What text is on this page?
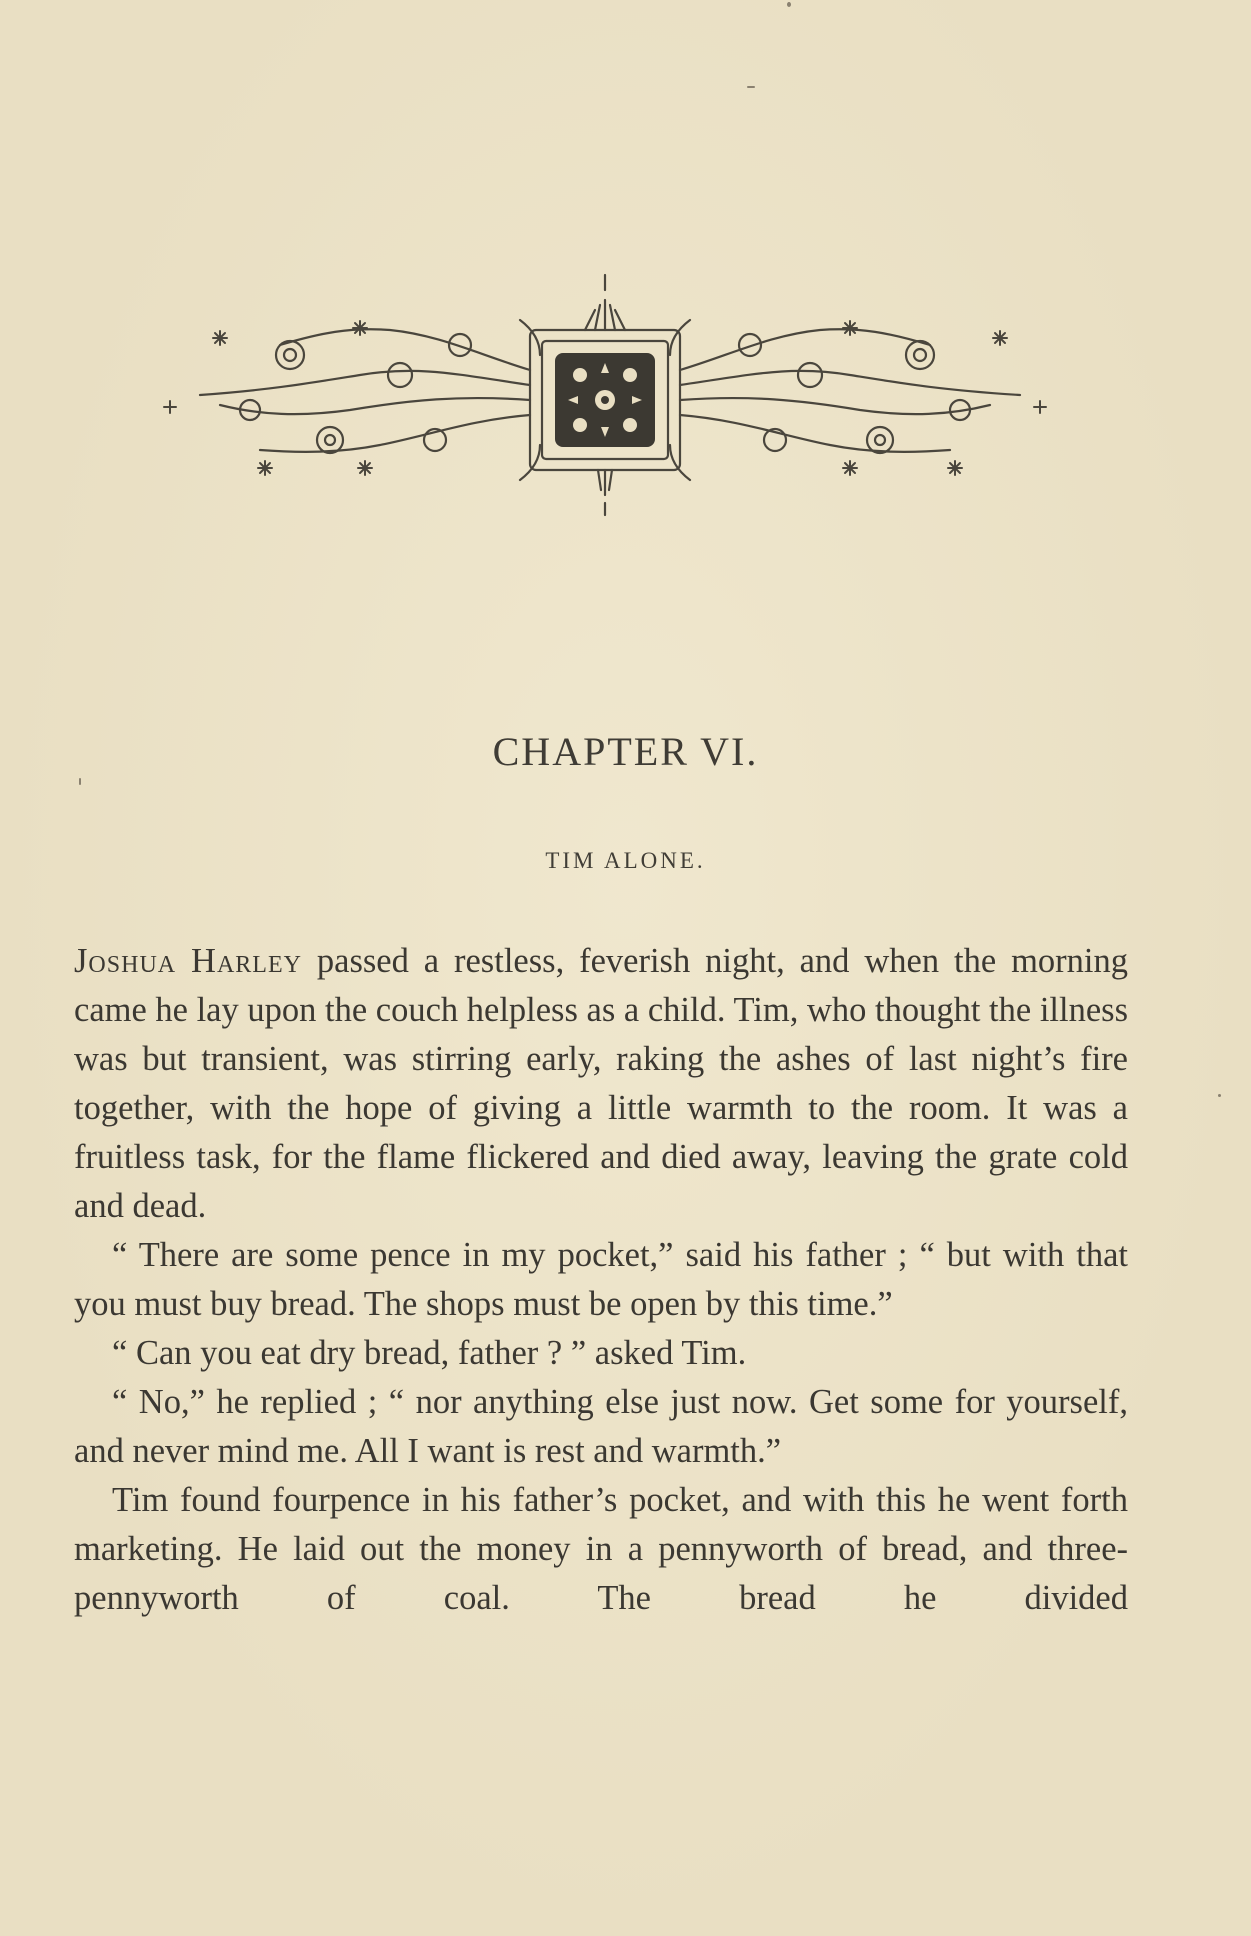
CHAPTER VI.
TIM ALONE.

Joshua Harley passed a restless, feverish night, and when the morning came he lay upon the couch helpless as a child. Tim, who thought the illness was but transient, was stirring early, raking the ashes of last night’s fire together, with the hope of giving a little warmth to the room. It was a fruitless task, for the flame flickered and died away, leaving the grate cold and dead.

“ There are some pence in my pocket,” said his father ; “ but with that you must buy bread. The shops must be open by this time.”

“ Can you eat dry bread, father ? ” asked Tim.

“ No,” he replied ; “ nor anything else just now. Get some for yourself, and never mind me. All I want is rest and warmth.”

Tim found fourpence in his father’s pocket, and with this he went forth marketing. He laid out the money in a pennyworth of bread, and three-pennyworth of coal. The bread he divided
